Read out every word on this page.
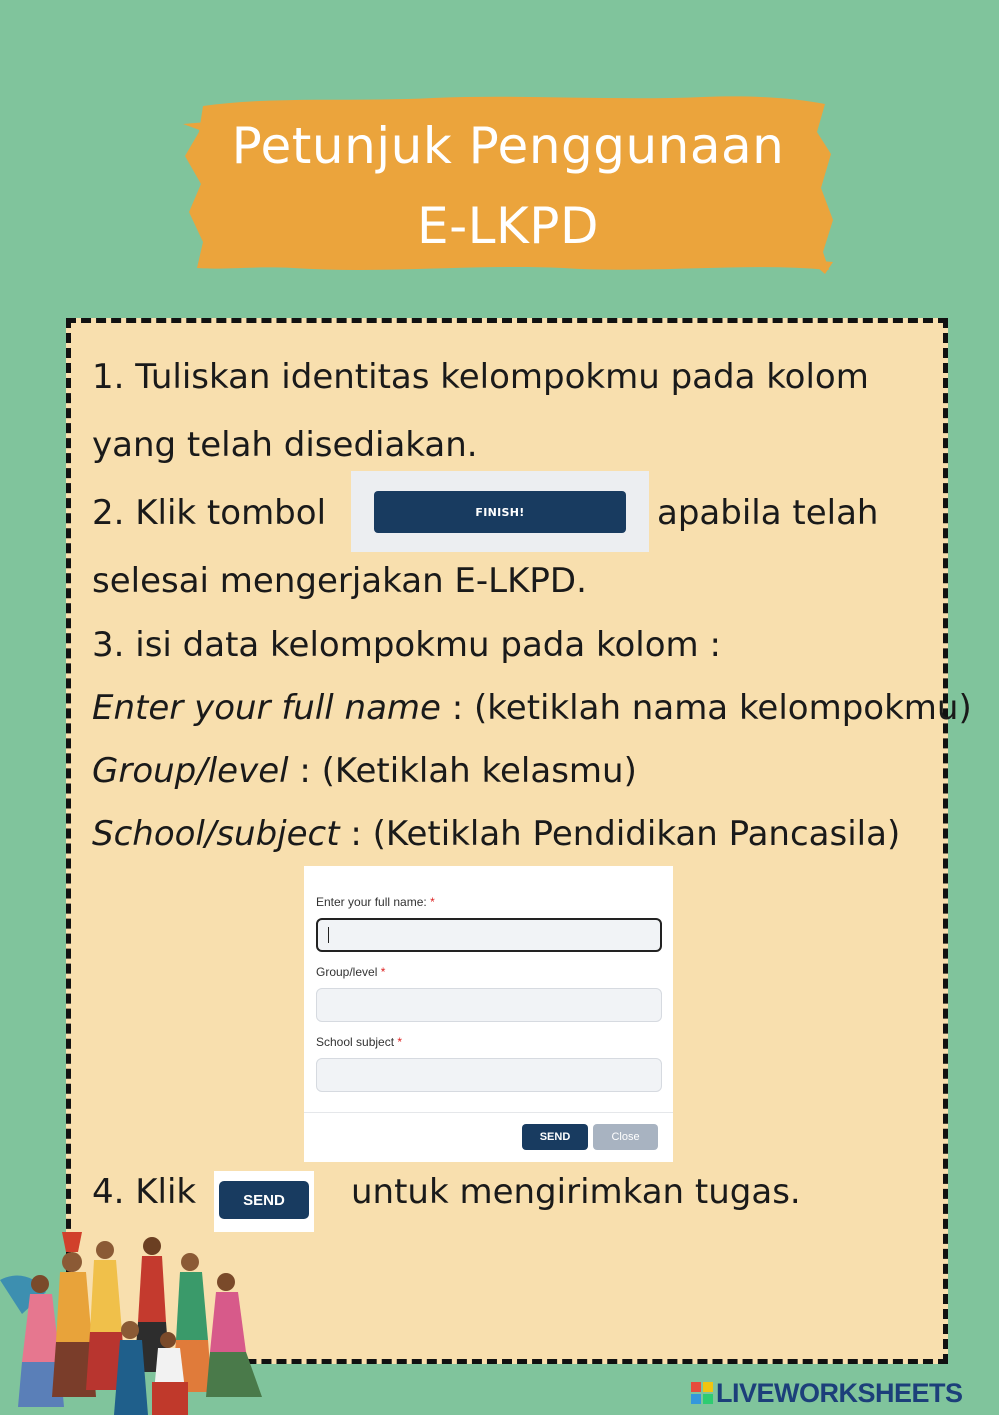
Petunjuk Penggunaan
E-LKPD
1. Tuliskan identitas kelompokmu pada kolom
yang telah disediakan.
2. Klik tombol	FINISH!	apabila telah
selesai mengerjakan E-LKPD.
3. isi data kelompokmu pada kolom :
Enter your full name : (ketiklah nama kelompokmu)
Group/level : (Ketiklah kelasmu)
School/subject : (Ketiklah Pendidikan Pancasila)
Enter your full name: *
Group/level *
School subject *
SEND	Close
4. Klik	SEND	untuk mengirimkan tugas.
LIVEWORKSHEETS
